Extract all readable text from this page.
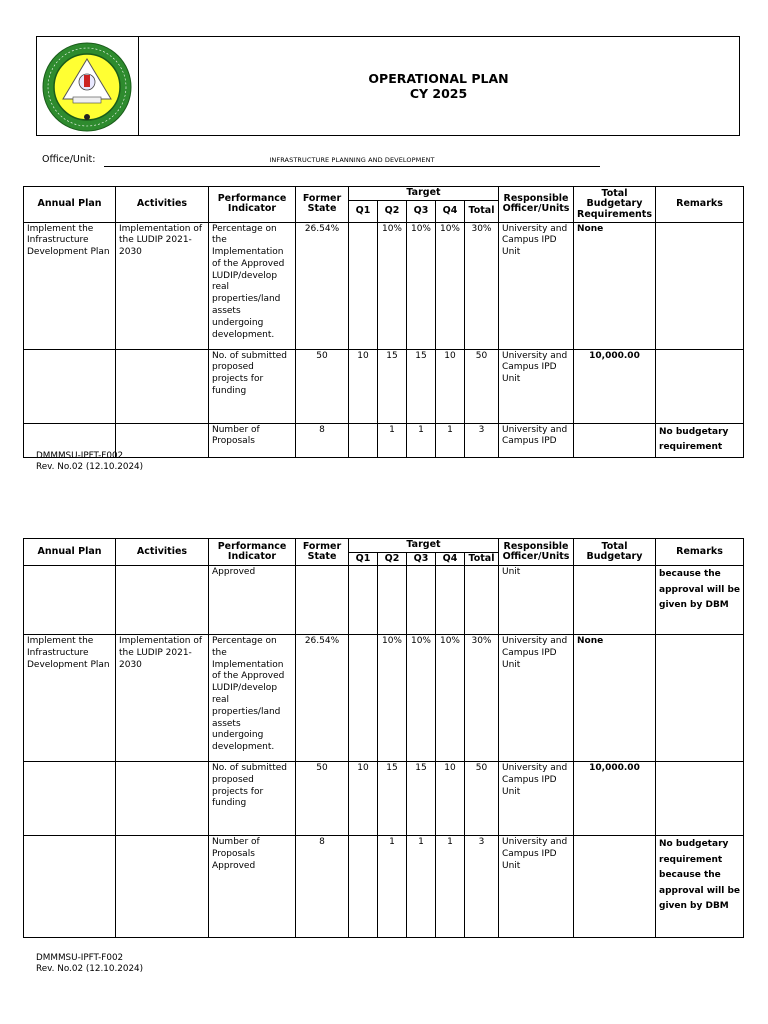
OPERATIONAL PLAN
CY 2025
Office/Unit:	INFRASTRUCTURE PLANNING AND DEVELOPMENT
Annual Plan	Activities	Performance Indicator	Former State	Target					Responsible Officer/Units	Total Budgetary Requirements	Remarks
				Q1	Q2	Q3	Q4	Total			
Implement the Infrastructure Development Plan	Implementation of the LUDIP 2021-2030	Percentage on the Implementation of the Approved LUDIP/develop real properties/land assets undergoing development.	26.54%		10%	10%	10%	30%	University and Campus IPD Unit	None	
		No. of submitted proposed projects for funding	50	10	15	15	10	50	University and Campus IPD Unit	10,000.00	
		Number of Proposals	8		1	1	1	3	University and Campus IPD		No budgetary requirement
DMMMSU-IPFT-F002
Rev. No.02 (12.10.2024)
Annual Plan	Activities	Performance Indicator	Former State	Target					Responsible Officer/Units	Total Budgetary	Remarks
				Q1	Q2	Q3	Q4	Total			
		Approved							Unit		because the approval will be given by DBM
Implement the Infrastructure Development Plan	Implementation of the LUDIP 2021-2030	Percentage on the Implementation of the Approved LUDIP/develop real properties/land assets undergoing development.	26.54%		10%	10%	10%	30%	University and Campus IPD Unit	None	
		No. of submitted proposed projects for funding	50	10	15	15	10	50	University and Campus IPD Unit	10,000.00	
		Number of Proposals Approved	8		1	1	1	3	University and Campus IPD Unit		No budgetary requirement because the approval will be given by DBM
DMMMSU-IPFT-F002
Rev. No.02 (12.10.2024)
